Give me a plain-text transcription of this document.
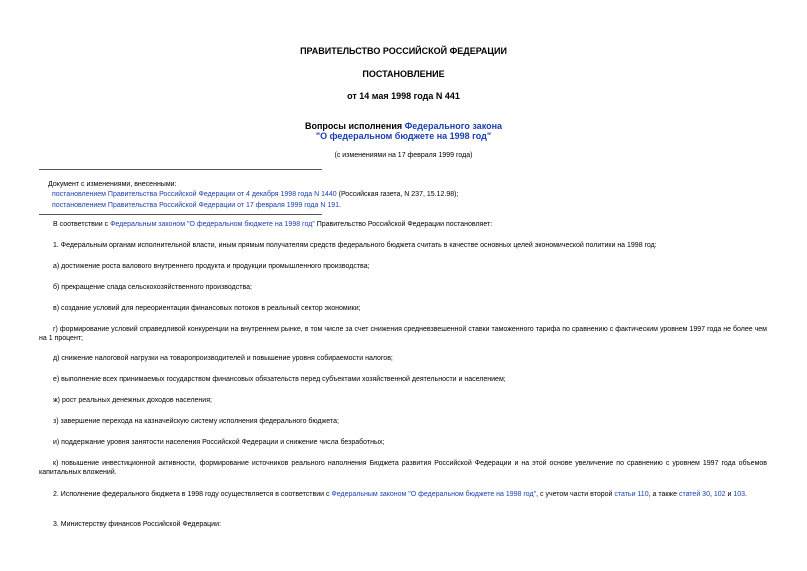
ПРАВИТЕЛЬСТВО РОССИЙСКОЙ ФЕДЕРАЦИИ
ПОСТАНОВЛЕНИЕ
от 14 мая 1998 года N 441
Вопросы исполнения Федерального закона
"О федеральном бюджете на 1998 год"
(с изменениями на 17 февраля 1999 года)
Документ с изменениями, внесенными:
постановлением Правительства Российской Федерации от 4 декабря 1998 года N 1440 (Российская газета, N 237, 15.12.98);
постановлением Правительства Российской Федерации от 17 февраля 1999 года N 191.
В соответствии с Федеральным законом "О федеральном бюджете на 1998 год" Правительство Российской Федерации постановляет:
1. Федеральным органам исполнительной власти, иным прямым получателям средств федерального бюджета считать в качестве основных целей экономической политики на 1998 год:
а) достижение роста валового внутреннего продукта и продукции промышленного производства;
б) прекращение спада сельскохозяйственного производства;
в) создание условий для переориентации финансовых потоков в реальный сектор экономики;
г) формирование условий справедливой конкуренции на внутреннем рынке, в том числе за счет снижения средневзвешенной ставки таможенного тарифа по сравнению с фактическим уровнем 1997 года не более чем на 1 процент;
д) снижение налоговой нагрузки на товаропроизводителей и повышение уровня собираемости налогов;
е) выполнение всех принимаемых государством финансовых обязательств перед субъектами хозяйственной деятельности и населением;
ж) рост реальных денежных доходов населения;
з) завершение перехода на казначейскую систему исполнения федерального бюджета;
и) поддержание уровня занятости населения Российской Федерации и снижение числа безработных;
к) повышение инвестиционной активности, формирование источников реального наполнения Бюджета развития Российской Федерации и на этой основе увеличение по сравнению с уровнем 1997 года объемов капитальных вложений.
2. Исполнение федерального бюджета в 1998 году осуществляется в соответствии с Федеральным законом "О федеральном бюджете на 1998 год", с учетом части второй статьи 110, а также статей 30, 102 и 103.
3. Министерству финансов Российской Федерации:
